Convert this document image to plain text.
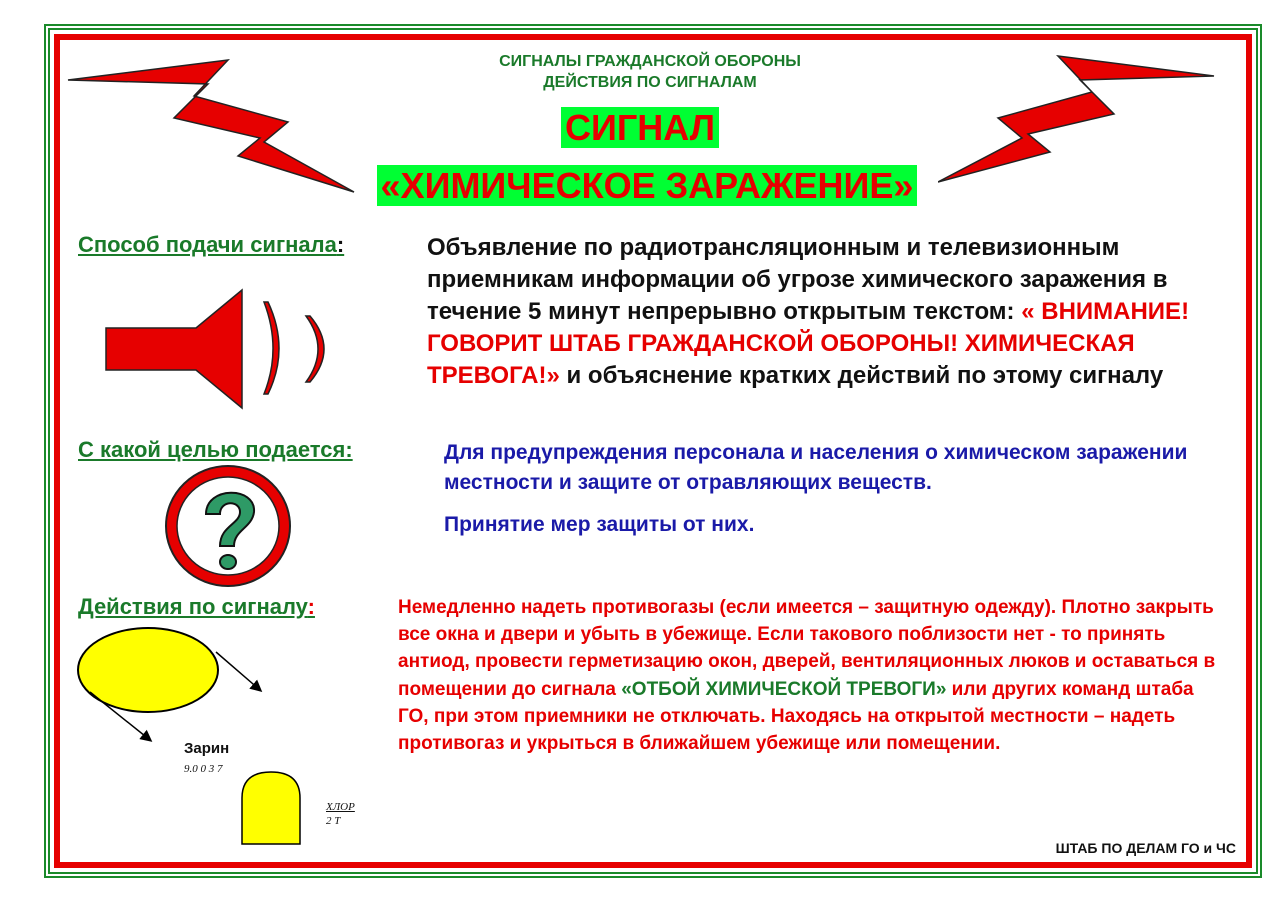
СИГНАЛЫ ГРАЖДАНСКОЙ ОБОРОНЫ
ДЕЙСТВИЯ ПО СИГНАЛАМ
СИГНАЛ
«ХИМИЧЕСКОЕ ЗАРАЖЕНИЕ»
Способ подачи сигнала:	Объявление по радиотрансляционным и телевизионным приемникам информации об угрозе химического заражения в течение 5 минут непрерывно открытым текстом: « ВНИМАНИЕ! ГОВОРИТ ШТАБ ГРАЖДАНСКОЙ ОБОРОНЫ! ХИМИЧЕСКАЯ ТРЕВОГА!» и объяснение кратких действий по этому сигналу
С какой целью подается:	Для предупреждения персонала и населения о химическом заражении местности и защите от отравляющих веществ.
Принятие мер защиты от них.
Действия по сигналу:	Немедленно надеть противогазы (если имеется – защитную одежду). Плотно закрыть все окна и двери и убыть в убежище. Если такового поблизости нет - то принять антиод, провести герметизацию окон, дверей, вентиляционных люков и оставаться в помещении до сигнала «ОТБОЙ ХИМИЧЕСКОЙ ТРЕВОГИ» или других команд штаба ГО, при этом приемники не отключать. Находясь на открытой местности – надеть противогаз и укрыться в ближайшем убежище или помещении.
Зарин
9.0 0 3 7
ХЛОР
2 Т
ШТАБ ПО ДЕЛАМ ГО и ЧС
